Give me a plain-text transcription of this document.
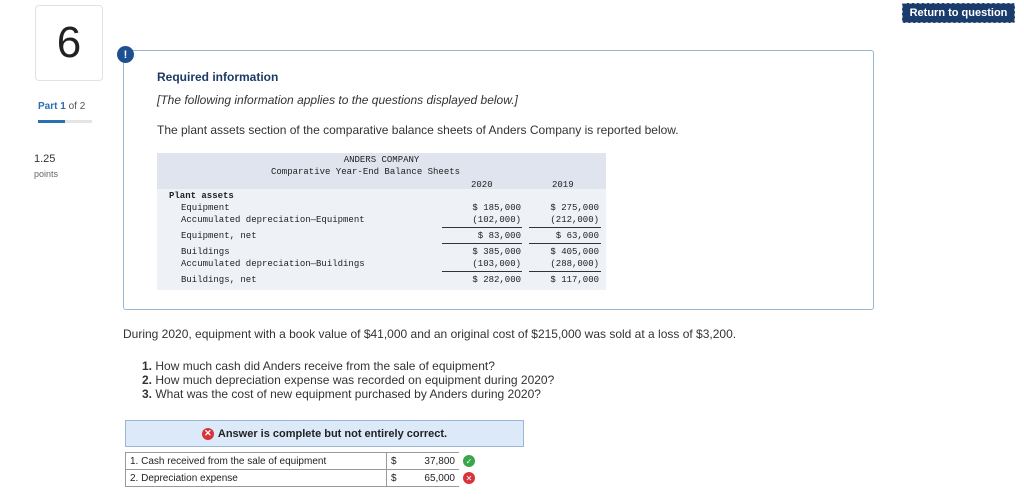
6
Part 1 of 2
1.25
points
Return to question
!
Required information
[The following information applies to the questions displayed below.]
The plant assets section of the comparative balance sheets of Anders Company is reported below.
ANDERS COMPANY
Comparative Year-End Balance Sheets
2020	2019
Plant assets
Equipment	$ 185,000	$ 275,000
Accumulated depreciation—Equipment	(102,000)	(212,000)
Equipment, net	$ 83,000	$ 63,000
Buildings	$ 385,000	$ 405,000
Accumulated depreciation—Buildings	(103,000)	(288,000)
Buildings, net	$ 282,000	$ 117,000
During 2020, equipment with a book value of $41,000 and an original cost of $215,000 was sold at a loss of $3,200.
1. How much cash did Anders receive from the sale of equipment?
2. How much depreciation expense was recorded on equipment during 2020?
3. What was the cost of new equipment purchased by Anders during 2020?
✕ Answer is complete but not entirely correct.
1. Cash received from the sale of equipment	$ 37,800	✓
2. Depreciation expense	$ 65,000	✕
